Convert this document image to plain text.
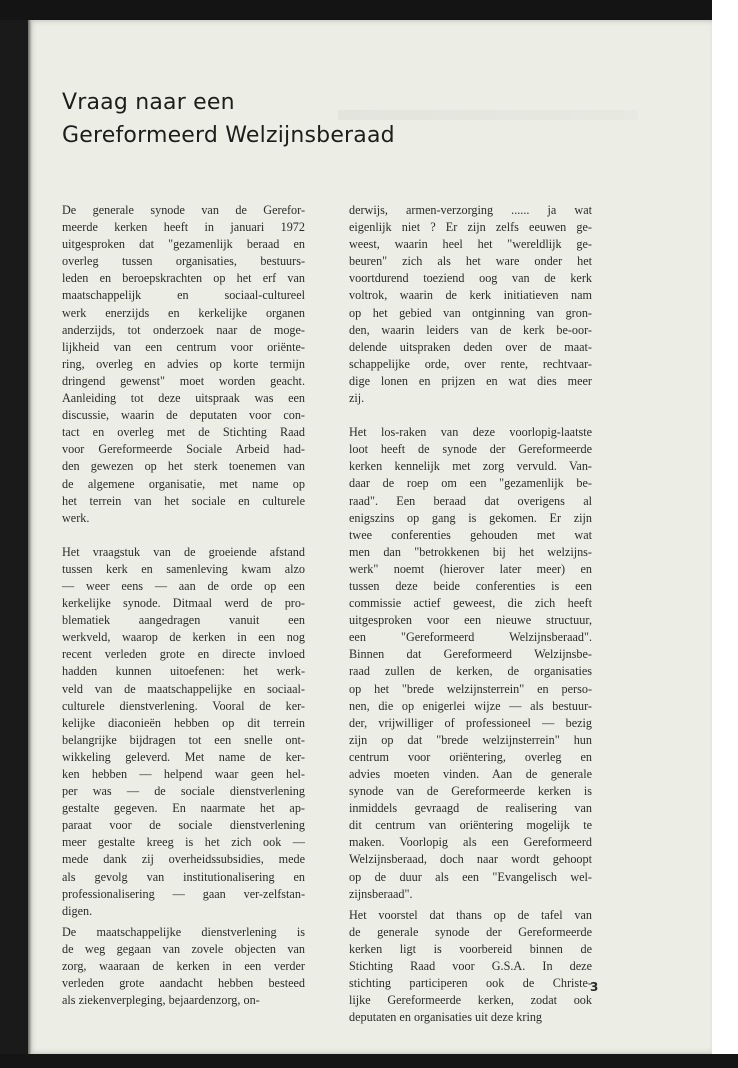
Vraag naar een
Gereformeerd Welzijnsberaad

De generale synode van de Gerefor-
meerde kerken heeft in januari 1972
uitgesproken dat "gezamenlijk beraad en
overleg tussen organisaties, bestuurs-
leden en beroepskrachten op het erf van
maatschappelijk en sociaal-cultureel
werk enerzijds en kerkelijke organen
anderzijds, tot onderzoek naar de moge-
lijkheid van een centrum voor oriënte-
ring, overleg en advies op korte termijn
dringend gewenst" moet worden geacht.
Aanleiding tot deze uitspraak was een
discussie, waarin de deputaten voor con-
tact en overleg met de Stichting Raad
voor Gereformeerde Sociale Arbeid had-
den gewezen op het sterk toenemen van
de algemene organisatie, met name op
het terrein van het sociale en culturele
werk.

Het vraagstuk van de groeiende afstand
tussen kerk en samenleving kwam alzo
— weer eens — aan de orde op een
kerkelijke synode. Ditmaal werd de pro-
blematiek aangedragen vanuit een
werkveld, waarop de kerken in een nog
recent verleden grote en directe invloed
hadden kunnen uitoefenen: het werk-
veld van de maatschappelijke en sociaal-
culturele dienstverlening. Vooral de ker-
kelijke diaconieën hebben op dit terrein
belangrijke bijdragen tot een snelle ont-
wikkeling geleverd. Met name de ker-
ken hebben — helpend waar geen hel-
per was — de sociale dienstverlening
gestalte gegeven. En naarmate het ap-
paraat voor de sociale dienstverlening
meer gestalte kreeg is het zich ook —
mede dank zij overheidssubsidies, mede
als gevolg van institutionalisering en
professionalisering — gaan ver-zelfstan-
digen.

De maatschappelijke dienstverlening is
de weg gegaan van zovele objecten van
zorg, waaraan de kerken in een verder
verleden grote aandacht hebben besteed
als ziekenverpleging, bejaardenzorg, on-

derwijs, armen-verzorging ...... ja wat
eigenlijk niet ? Er zijn zelfs eeuwen ge-
weest, waarin heel het "wereldlijk ge-
beuren" zich als het ware onder het
voortdurend toeziend oog van de kerk
voltrok, waarin de kerk initiatieven nam
op het gebied van ontginning van gron-
den, waarin leiders van de kerk be-oor-
delende uitspraken deden over de maat-
schappelijke orde, over rente, rechtvaar-
dige lonen en prijzen en wat dies meer
zij.

Het los-raken van deze voorlopig-laatste
loot heeft de synode der Gereformeerde
kerken kennelijk met zorg vervuld. Van-
daar de roep om een "gezamenlijk be-
raad". Een beraad dat overigens al
enigszins op gang is gekomen. Er zijn
twee conferenties gehouden met wat
men dan "betrokkenen bij het welzijns-
werk" noemt (hierover later meer) en
tussen deze beide conferenties is een
commissie actief geweest, die zich heeft
uitgesproken voor een nieuwe structuur,
een "Gereformeerd Welzijnsberaad".
Binnen dat Gereformeerd Welzijnsbe-
raad zullen de kerken, de organisaties
op het "brede welzijnsterrein" en perso-
nen, die op enigerlei wijze — als bestuur-
der, vrijwilliger of professioneel — bezig
zijn op dat "brede welzijnsterrein" hun
centrum voor oriëntering, overleg en
advies moeten vinden. Aan de generale
synode van de Gereformeerde kerken is
inmiddels gevraagd de realisering van
dit centrum van oriëntering mogelijk te
maken. Voorlopig als een Gereformeerd
Welzijnsberaad, doch naar wordt gehoopt
op de duur als een "Evangelisch wel-
zijnsberaad".

Het voorstel dat thans op de tafel van
de generale synode der Gereformeerde
kerken ligt is voorbereid binnen de
Stichting Raad voor G.S.A. In deze
stichting participeren ook de Christe-
lijke Gereformeerde kerken, zodat ook
deputaten en organisaties uit deze kring

3
